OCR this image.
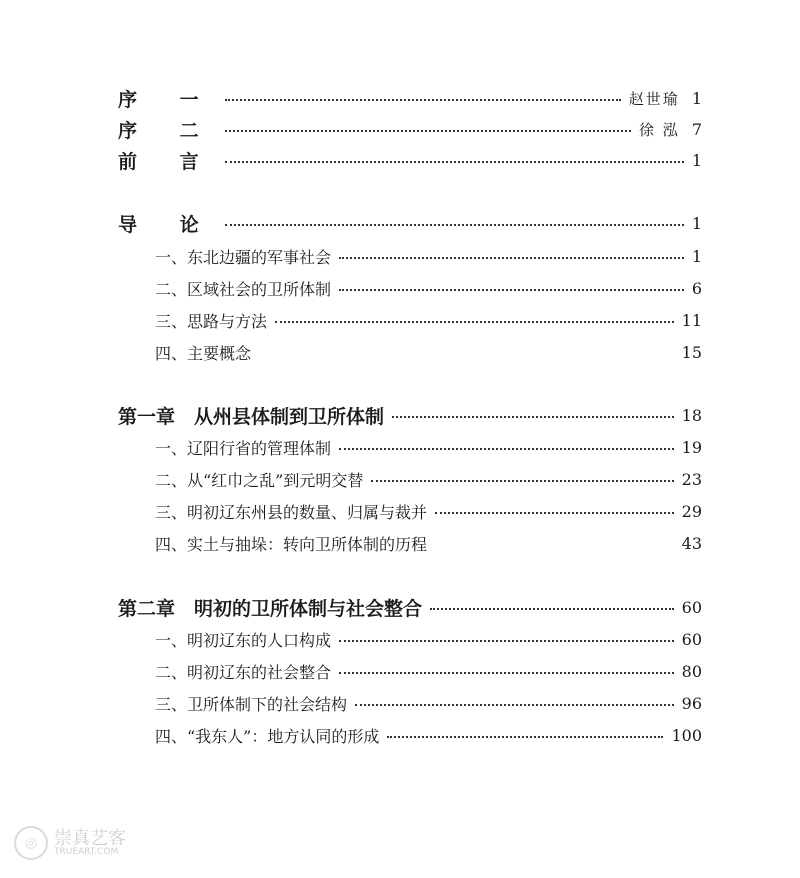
序 一	赵世瑜 1
序 二	徐 泓 7
前 言	1
导 论	1
一、东北边疆的军事社会	1
二、区域社会的卫所体制	6
三、思路与方法	11
四、主要概念	15
第一章　从州县体制到卫所体制	18
一、辽阳行省的管理体制	19
二、从“红巾之乱”到元明交替	23
三、明初辽东州县的数量、归属与裁并	29
四、实土与抽垛：转向卫所体制的历程	43
第二章　明初的卫所体制与社会整合	60
一、明初辽东的人口构成	60
二、明初辽东的社会整合	80
三、卫所体制下的社会结构	96
四、“我东人”：地方认同的形成	100
◎ 崇真艺客
TRUEART.COM
